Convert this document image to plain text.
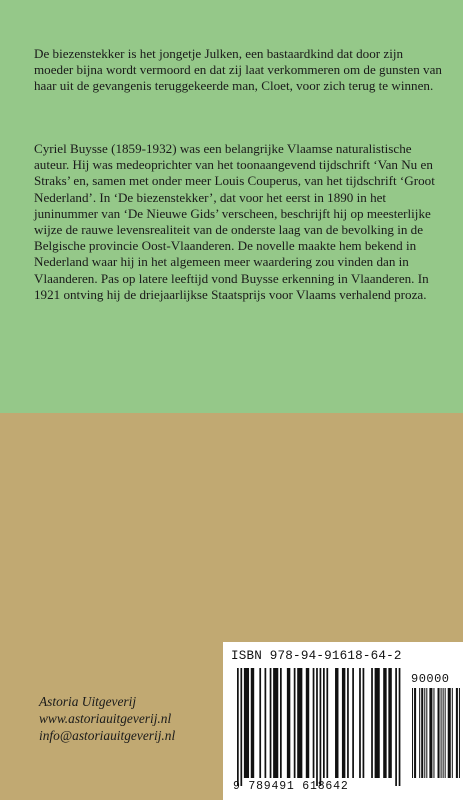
De biezenstekker is het jongetje Julken, een bastaardkind dat door zijn moeder bijna wordt vermoord en dat zij laat verkommeren om de gunsten van haar uit de gevangenis teruggekeerde man, Cloet, voor zich terug te winnen.

Cyriel Buysse (1859-1932) was een belangrijke Vlaamse naturalistische auteur. Hij was medeoprichter van het toonaangevend tijdschrift ‘Van Nu en Straks’ en, samen met onder meer Louis Couperus, van het tijdschrift ‘Groot Nederland’. In ‘De biezenstekker’, dat voor het eerst in 1890 in het juninummer van ‘De Nieuwe Gids’ verscheen, beschrijft hij op meesterlijke wijze de rauwe levensrealiteit van de onderste laag van de bevolking in de Belgische provincie Oost-Vlaanderen. De novelle maakte hem bekend in Nederland waar hij in het algemeen meer waardering zou vinden dan in Vlaanderen. Pas op latere leeftijd vond Buysse erkenning in Vlaanderen. In 1921 ontving hij de driejaarlijkse Staatsprijs voor Vlaams verhalend proza.

Astoria Uitgeverij
www.astoriauitgeverij.nl
info@astoriauitgeverij.nl
ISBN 978-94-91618-64-2
90000
9 789491 618642
